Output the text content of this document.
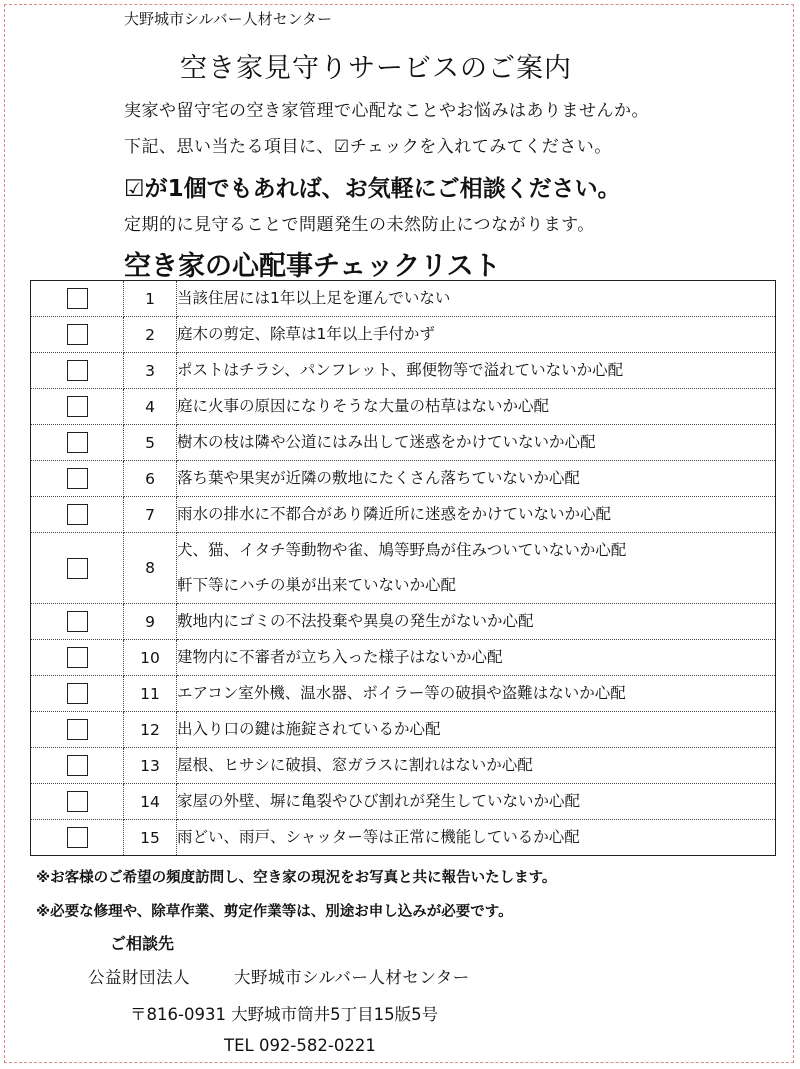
大野城市シルバー人材センター
空き家見守りサービスのご案内
実家や留守宅の空き家管理で心配なことやお悩みはありませんか。
下記、思い当たる項目に、☑チェックを入れてみてください。
☑が1個でもあれば、お気軽にご相談ください。
定期的に見守ることで問題発生の未然防止につながります。
空き家の心配事チェックリスト
	1	当該住居には1年以上足を運んでいない

	2	庭木の剪定、除草は1年以上手付かず

	3	ポストはチラシ、パンフレット、郵便物等で溢れていないか心配

	4	庭に火事の原因になりそうな大量の枯草はないか心配

	5	樹木の枝は隣や公道にはみ出して迷惑をかけていないか心配

	6	落ち葉や果実が近隣の敷地にたくさん落ちていないか心配

	7	雨水の排水に不都合があり隣近所に迷惑をかけていないか心配

	8	犬、猫、イタチ等動物や雀、鳩等野鳥が住みついていないか心配
軒下等にハチの巣が出来ていないか心配

	9	敷地内にゴミの不法投棄や異臭の発生がないか心配

	10	建物内に不審者が立ち入った様子はないか心配

	11	エアコン室外機、温水器、ボイラー等の破損や盗難はないか心配

	12	出入り口の鍵は施錠されているか心配

	13	屋根、ヒサシに破損、窓ガラスに割れはないか心配

	14	家屋の外壁、塀に亀裂やひび割れが発生していないか心配

	15	雨どい、雨戸、シャッター等は正常に機能しているか心配
※お客様のご希望の頻度訪問し、空き家の現況をお写真と共に報告いたします。
※必要な修理や、除草作業、剪定作業等は、別途お申し込みが必要です。
ご相談先
公益財団法人	大野城市シルバー人材センター
〒816-0931 大野城市筒井5丁目15版5号
TEL 092-582-0221
